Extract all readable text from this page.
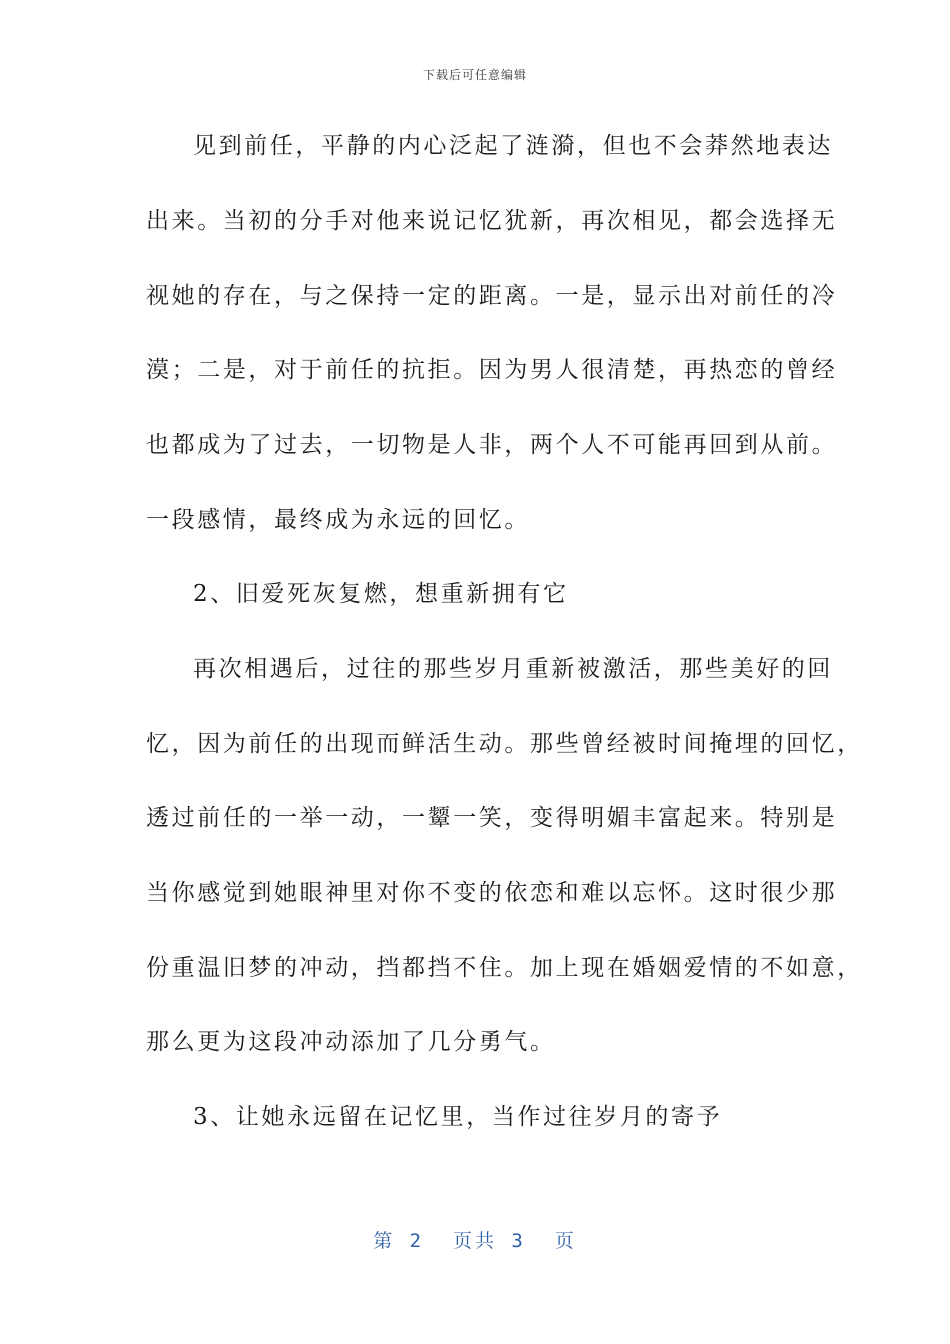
下载后可任意编辑
见到前任，平静的内心泛起了涟漪，但也不会莽然地表达
出来。当初的分手对他来说记忆犹新，再次相见，都会选择无
视她的存在，与之保持一定的距离。一是，显示出对前任的冷
漠；二是，对于前任的抗拒。因为男人很清楚，再热恋的曾经
也都成为了过去，一切物是人非，两个人不可能再回到从前。
一段感情，最终成为永远的回忆。
2、旧爱死灰复燃，想重新拥有它
再次相遇后，过往的那些岁月重新被激活，那些美好的回
忆，因为前任的出现而鲜活生动。那些曾经被时间掩埋的回忆，
透过前任的一举一动，一颦一笑，变得明媚丰富起来。特别是
当你感觉到她眼神里对你不变的依恋和难以忘怀。这时很少那
份重温旧梦的冲动，挡都挡不住。加上现在婚姻爱情的不如意，
那么更为这段冲动添加了几分勇气。
3、让她永远留在记忆里，当作过往岁月的寄予
第 2  页共 3  页
